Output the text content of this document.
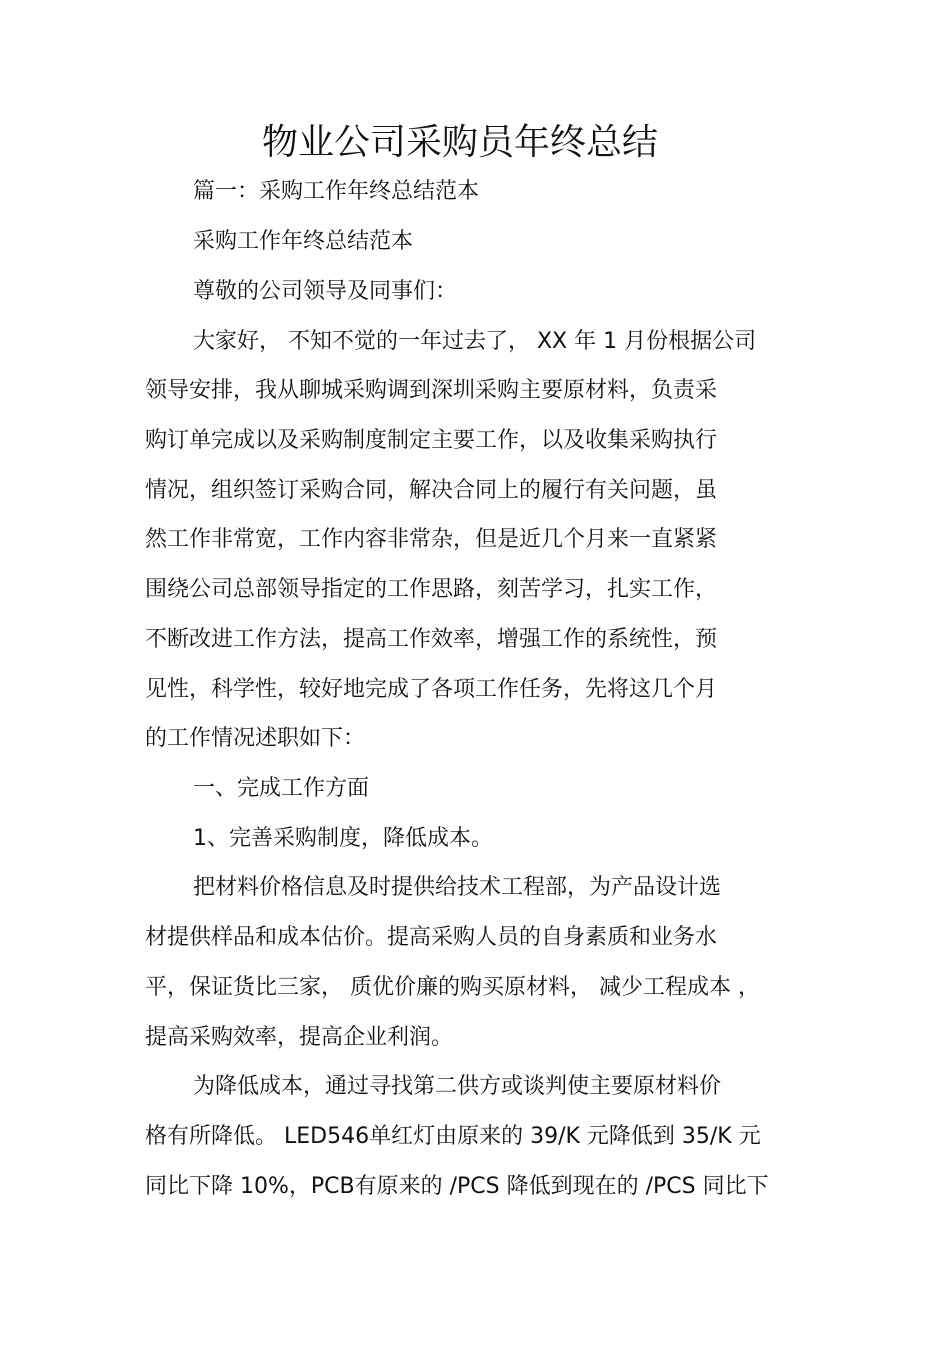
物业公司采购员年终总结
篇一：采购工作年终总结范本
采购工作年终总结范本
尊敬的公司领导及同事们：
大家好， 不知不觉的一年过去了， XX 年 1 月份根据公司
领导安排，我从聊城采购调到深圳采购主要原材料，负责采
购订单完成以及采购制度制定主要工作，以及收集采购执行
情况，组织签订采购合同，解决合同上的履行有关问题，虽
然工作非常宽，工作内容非常杂，但是近几个月来一直紧紧
围绕公司总部领导指定的工作思路，刻苦学习，扎实工作，
不断改进工作方法，提高工作效率，增强工作的系统性，预
见性，科学性，较好地完成了各项工作任务，先将这几个月
的工作情况述职如下：
一、完成工作方面
1、完善采购制度，降低成本。
把材料价格信息及时提供给技术工程部，为产品设计选
材提供样品和成本估价。提高采购人员的自身素质和业务水
平，保证货比三家， 质优价廉的购买原材料， 减少工程成本 ，
提高采购效率，提高企业利润。
为降低成本，通过寻找第二供方或谈判使主要原材料价
格有所降低。 LED546单红灯由原来的 39/K 元降低到 35/K 元
同比下降 10%，PCB有原来的 /PCS 降低到现在的 /PCS 同比下
